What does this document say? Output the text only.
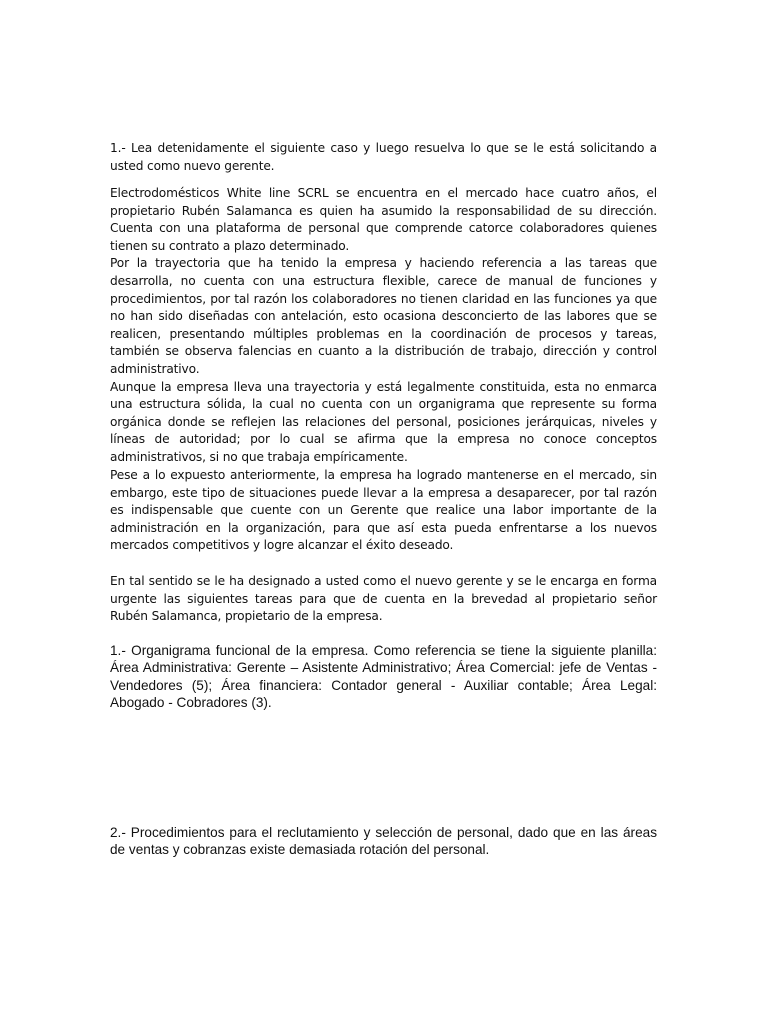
1.- Lea detenidamente el siguiente caso y luego resuelva lo que se le está solicitando a usted como nuevo gerente.

Electrodomésticos White line SCRL se encuentra en el mercado hace cuatro años, el propietario Rubén Salamanca es quien ha asumido la responsabilidad de su dirección. Cuenta con una plataforma de personal que comprende catorce colaboradores quienes tienen su contrato a plazo determinado.

Por la trayectoria que ha tenido la empresa y haciendo referencia a las tareas que desarrolla, no cuenta con una estructura flexible, carece de manual de funciones y procedimientos, por tal razón los colaboradores no tienen claridad en las funciones ya que no han sido diseñadas con antelación, esto ocasiona desconcierto de las labores que se realicen, presentando múltiples problemas en la coordinación de procesos y tareas, también se observa falencias en cuanto a la distribución de trabajo, dirección y control administrativo.

Aunque la empresa lleva una trayectoria y está legalmente constituida, esta no enmarca una estructura sólida, la cual no cuenta con un organigrama que represente su forma orgánica donde se reflejen las relaciones del personal, posiciones jerárquicas, niveles y líneas de autoridad; por lo cual se afirma que la empresa no conoce conceptos administrativos, si no que trabaja empíricamente.

Pese a lo expuesto anteriormente, la empresa ha logrado mantenerse en el mercado, sin embargo, este tipo de situaciones puede llevar a la empresa a desaparecer, por tal razón es indispensable que cuente con un Gerente que realice una labor importante de la administración en la organización, para que así esta pueda enfrentarse a los nuevos mercados competitivos y logre alcanzar el éxito deseado.

En tal sentido se le ha designado a usted como el nuevo gerente y se le encarga en forma urgente las siguientes tareas para que de cuenta en la brevedad al propietario señor Rubén Salamanca, propietario de la empresa.

1.- Organigrama funcional de la empresa. Como referencia se tiene la siguiente planilla: Área Administrativa: Gerente – Asistente Administrativo; Área Comercial: jefe de Ventas - Vendedores (5); Área financiera: Contador general - Auxiliar contable; Área Legal: Abogado - Cobradores (3).

2.- Procedimientos para el reclutamiento y selección de personal, dado que en las áreas de ventas y cobranzas existe demasiada rotación del personal.
